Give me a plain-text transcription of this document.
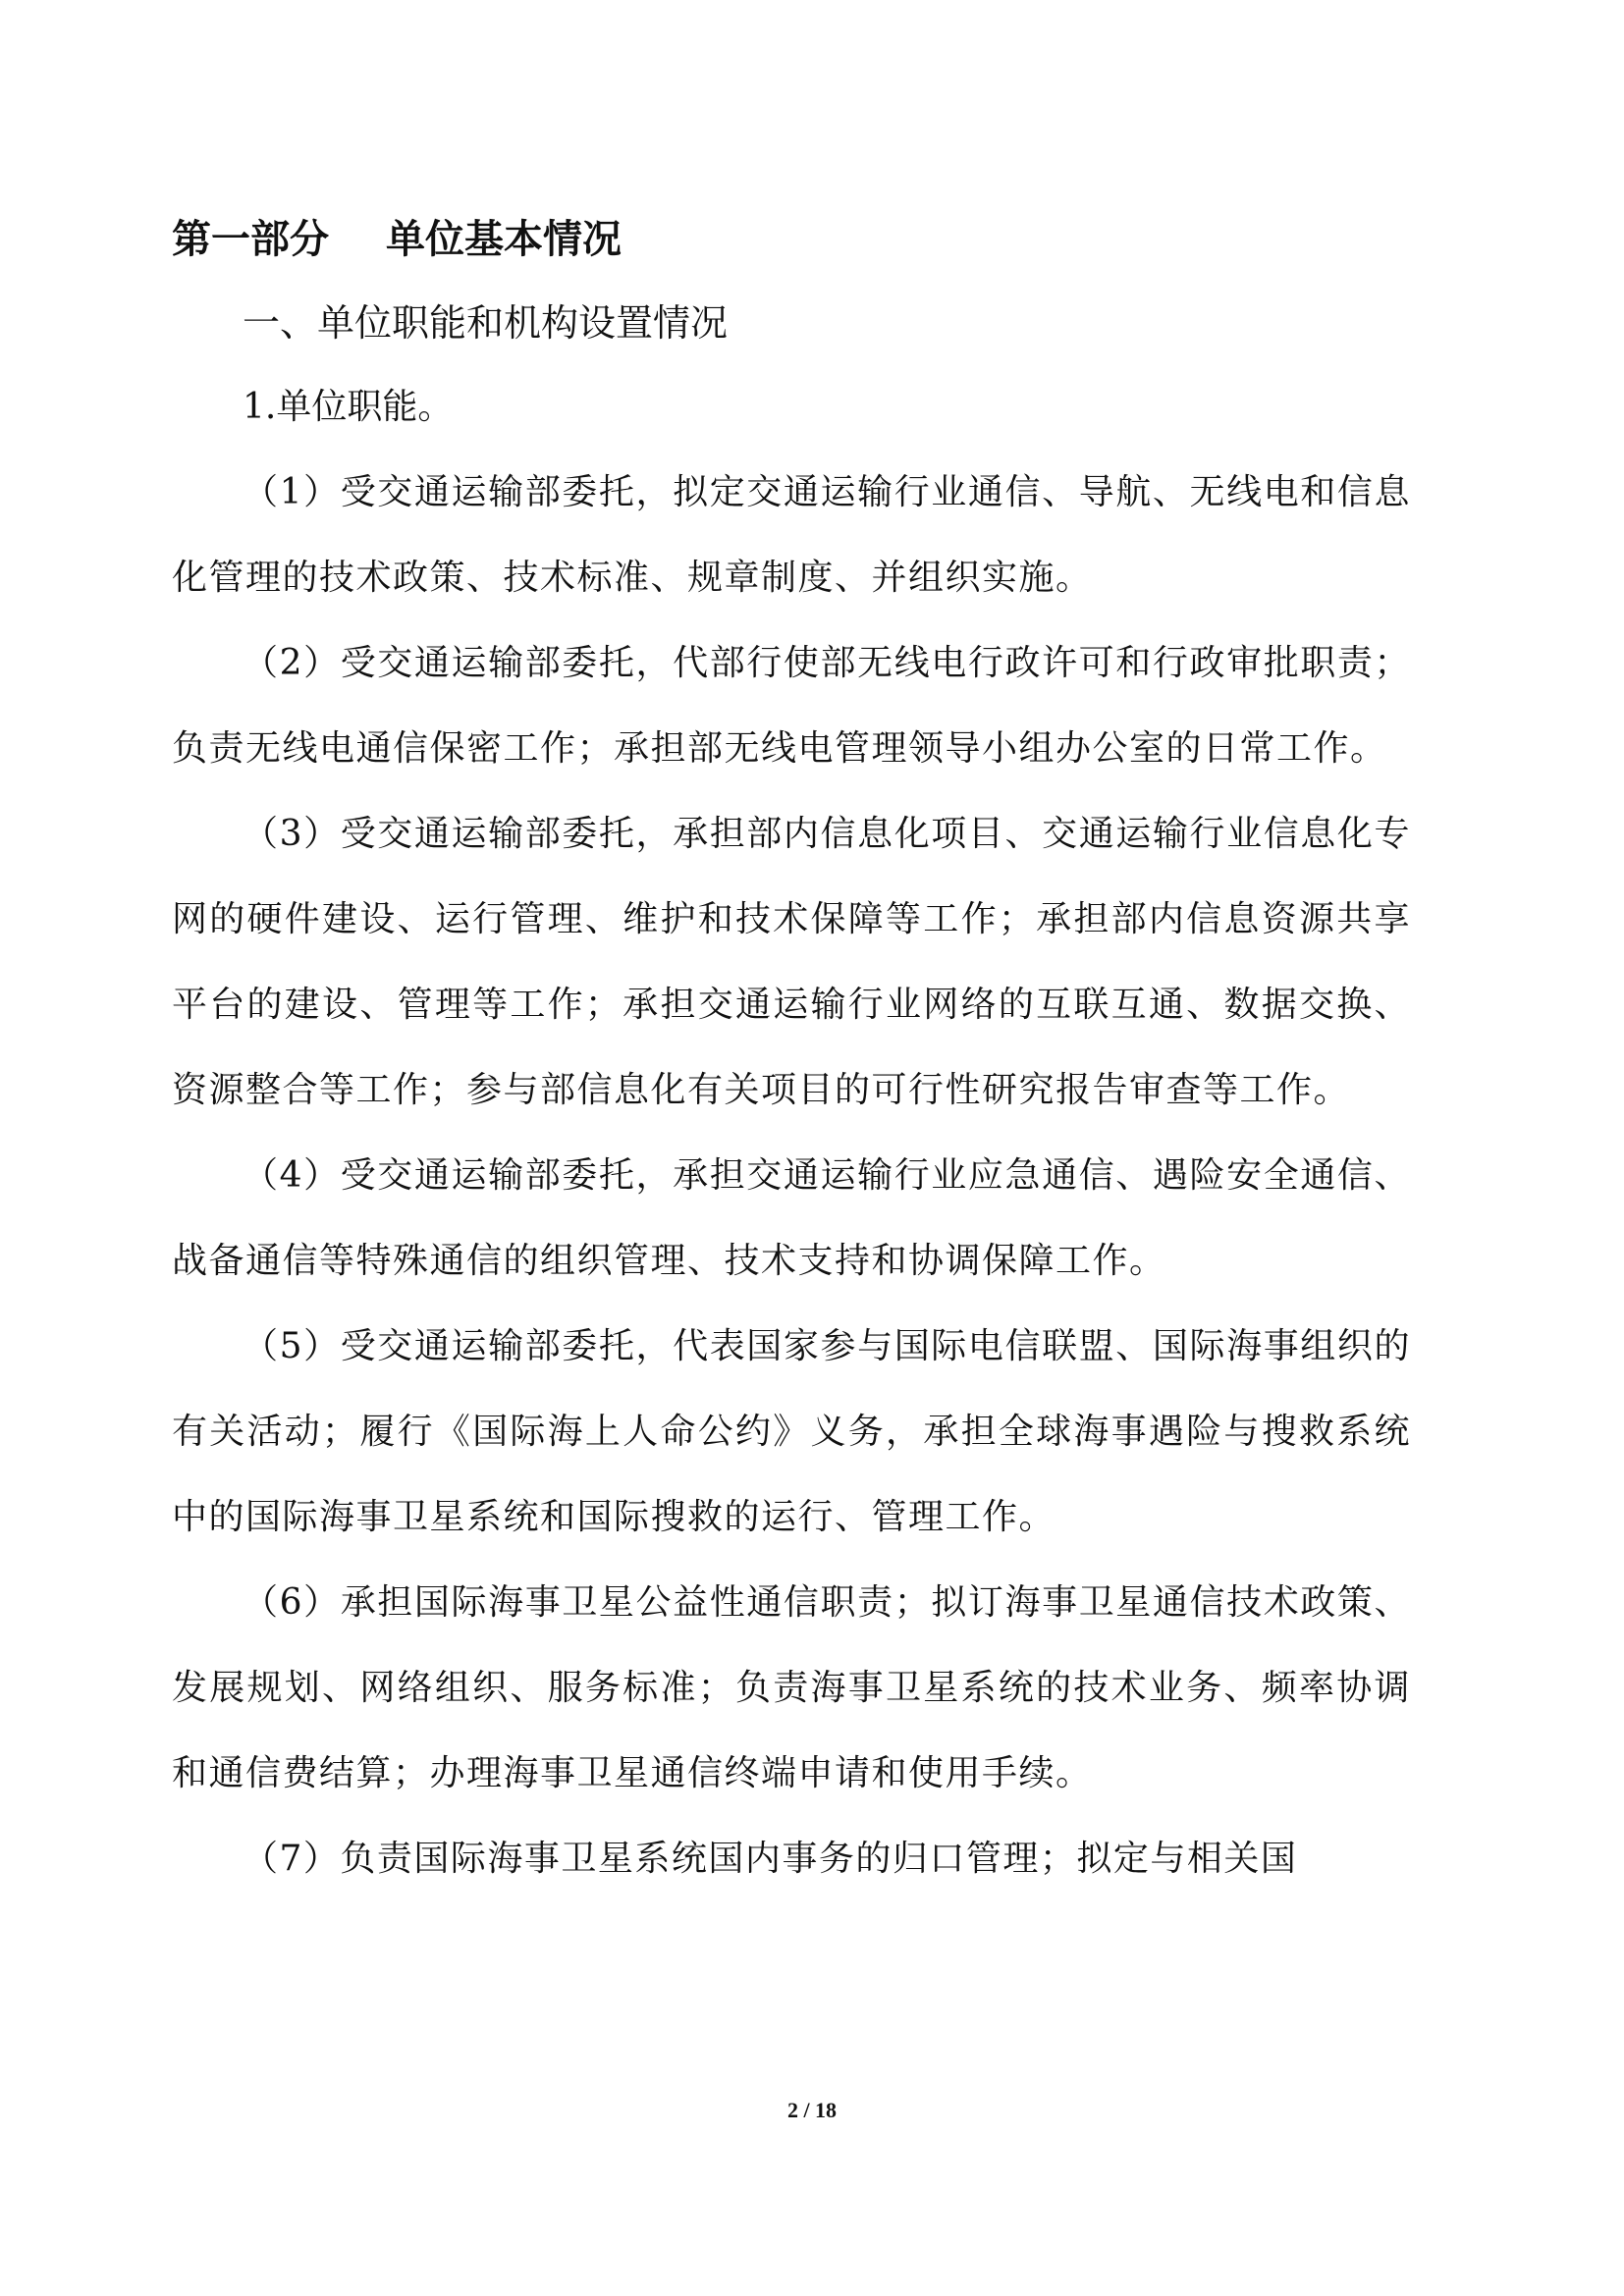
第一部分 单位基本情况
一、单位职能和机构设置情况

1.单位职能。

（1）受交通运输部委托，拟定交通运输行业通信、导航、无线电和信息化管理的技术政策、技术标准、规章制度、并组织实施。

（2）受交通运输部委托，代部行使部无线电行政许可和行政审批职责；负责无线电通信保密工作；承担部无线电管理领导小组办公室的日常工作。

（3）受交通运输部委托，承担部内信息化项目、交通运输行业信息化专网的硬件建设、运行管理、维护和技术保障等工作；承担部内信息资源共享平台的建设、管理等工作；承担交通运输行业网络的互联互通、数据交换、资源整合等工作；参与部信息化有关项目的可行性研究报告审查等工作。

（4）受交通运输部委托，承担交通运输行业应急通信、遇险安全通信、战备通信等特殊通信的组织管理、技术支持和协调保障工作。

（5）受交通运输部委托，代表国家参与国际电信联盟、国际海事组织的有关活动；履行《国际海上人命公约》义务，承担全球海事遇险与搜救系统中的国际海事卫星系统和国际搜救的运行、管理工作。

（6）承担国际海事卫星公益性通信职责；拟订海事卫星通信技术政策、发展规划、网络组织、服务标准；负责海事卫星系统的技术业务、频率协调和通信费结算；办理海事卫星通信终端申请和使用手续。

（7）负责国际海事卫星系统国内事务的归口管理；拟定与相关国

2 / 18
